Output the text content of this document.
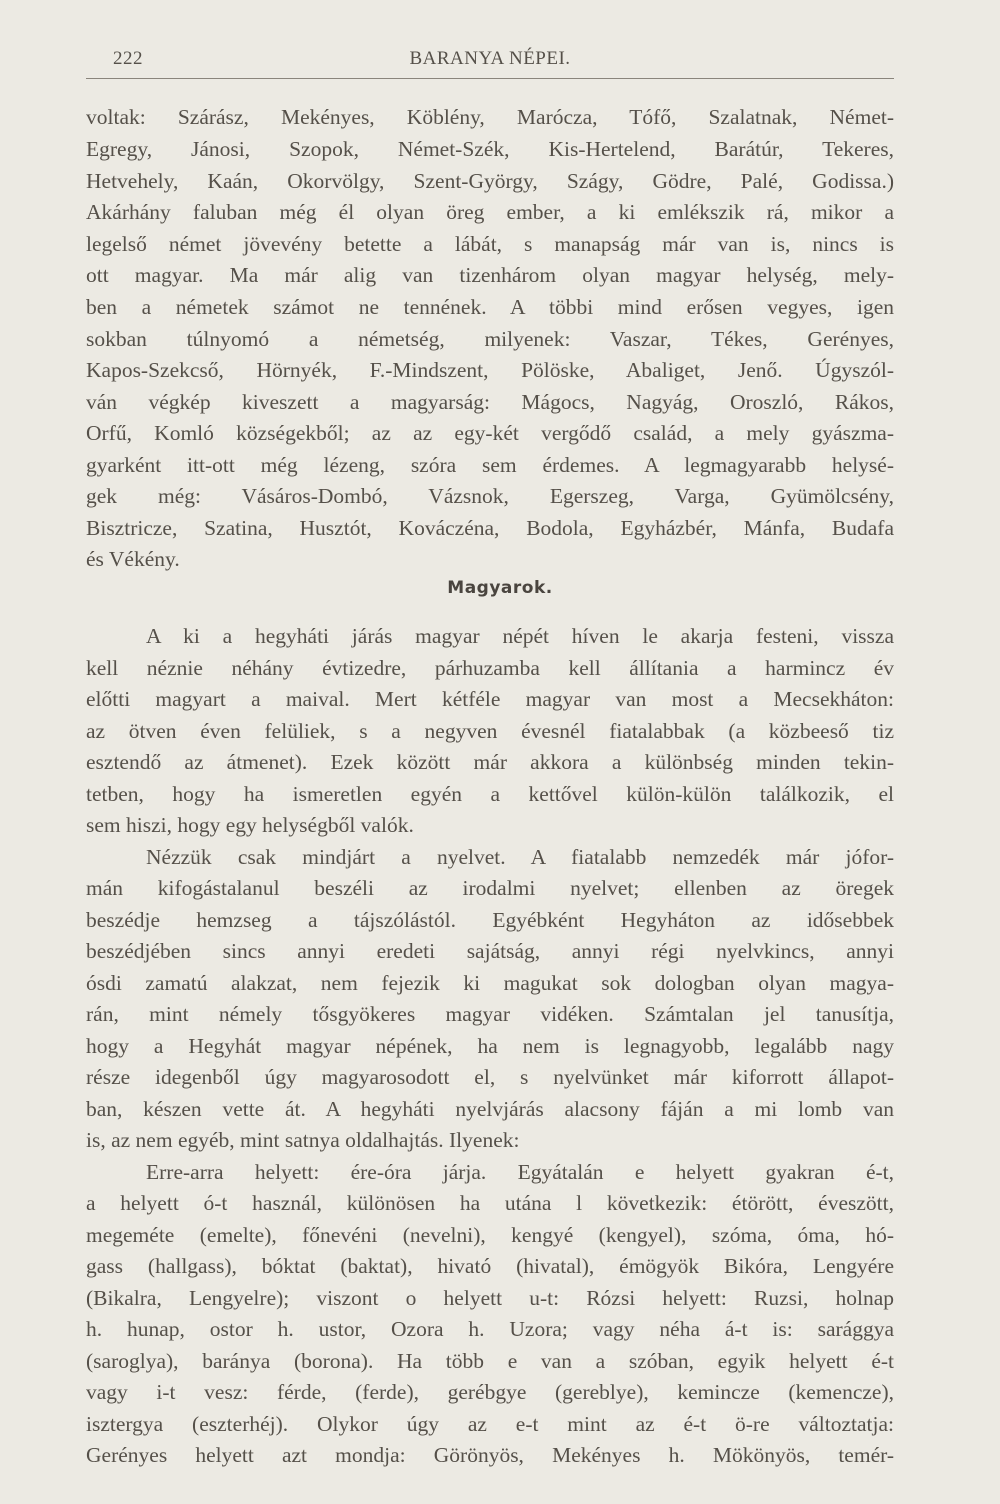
222	BARANYA NÉPEI.
voltak: Szárász, Mekényes, Köblény, Marócza, Tófő, Szalatnak, Német-
Egregy, Jánosi, Szopok, Német-Szék, Kis-Hertelend, Barátúr, Tekeres,
Hetvehely, Kaán, Okorvölgy, Szent-György, Szágy, Gödre, Palé, Godissa.)
Akárhány faluban még él olyan öreg ember, a ki emlékszik rá, mikor a
legelső német jövevény betette a lábát, s manapság már van is, nincs is
ott magyar. Ma már alig van tizenhárom olyan magyar helység, mely-
ben a németek számot ne tennének. A többi mind erősen vegyes, igen
sokban túlnyomó a németség, milyenek: Vaszar, Tékes, Gerényes,
Kapos-Szekcső, Hörnyék, F.-Mindszent, Pölöske, Abaliget, Jenő. Úgyszól-
ván végkép kiveszett a magyarság: Mágocs, Nagyág, Oroszló, Rákos,
Orfű, Komló községekből; az az egy-két vergődő család, a mely gyászma-
gyarként itt-ott még lézeng, szóra sem érdemes. A legmagyarabb helysé-
gek még: Vásáros-Dombó, Vázsnok, Egerszeg, Varga, Gyümölcsény,
Bisztricze, Szatina, Husztót, Kováczéna, Bodola, Egyházbér, Mánfa, Budafa
és Vékény.
Magyarok.
A ki a hegyháti járás magyar népét híven le akarja festeni, vissza
kell néznie néhány évtizedre, párhuzamba kell állítania a harmincz év
előtti magyart a maival. Mert kétféle magyar van most a Mecsekháton:
az ötven éven felüliek, s a negyven évesnél fiatalabbak (a közbeeső tiz
esztendő az átmenet). Ezek között már akkora a különbség minden tekin-
tetben, hogy ha ismeretlen egyén a kettővel külön-külön találkozik, el
sem hiszi, hogy egy helységből valók.
Nézzük csak mindjárt a nyelvet. A fiatalabb nemzedék már jófor-
mán kifogástalanul beszéli az irodalmi nyelvet; ellenben az öregek
beszédje hemzseg a tájszólástól. Egyébként Hegyháton az idősebbek
beszédjében sincs annyi eredeti sajátság, annyi régi nyelvkincs, annyi
ósdi zamatú alakzat, nem fejezik ki magukat sok dologban olyan magya-
rán, mint némely tősgyökeres magyar vidéken. Számtalan jel tanusítja,
hogy a Hegyhát magyar népének, ha nem is legnagyobb, legalább nagy
része idegenből úgy magyarosodott el, s nyelvünket már kiforrott állapot-
ban, készen vette át. A hegyháti nyelvjárás alacsony fáján a mi lomb van
is, az nem egyéb, mint satnya oldalhajtás. Ilyenek:
Erre-arra helyett: ére-óra járja. Egyátalán e helyett gyakran é-t,
a helyett ó-t használ, különösen ha utána l következik: étörött, éveszött,
megeméte (emelte), főnevéni (nevelni), kengyé (kengyel), szóma, óma, hó-
gass (hallgass), bóktat (baktat), hivató (hivatal), émögyök Bikóra, Lengyére
(Bikalra, Lengyelre); viszont o helyett u-t: Rózsi helyett: Ruzsi, holnap
h. hunap, ostor h. ustor, Ozora h. Uzora; vagy néha á-t is: sarággya
(saroglya), baránya (borona). Ha több e van a szóban, egyik helyett é-t
vagy i-t vesz: férde, (ferde), gerébgye (gereblye), keminczе (kemencze),
isztergya (eszterhéj). Olykor úgy az e-t mint az é-t ö-re változtatja:
Gerényes helyett azt mondja: Görönyös, Mekényes h. Mökönyös, temér-
